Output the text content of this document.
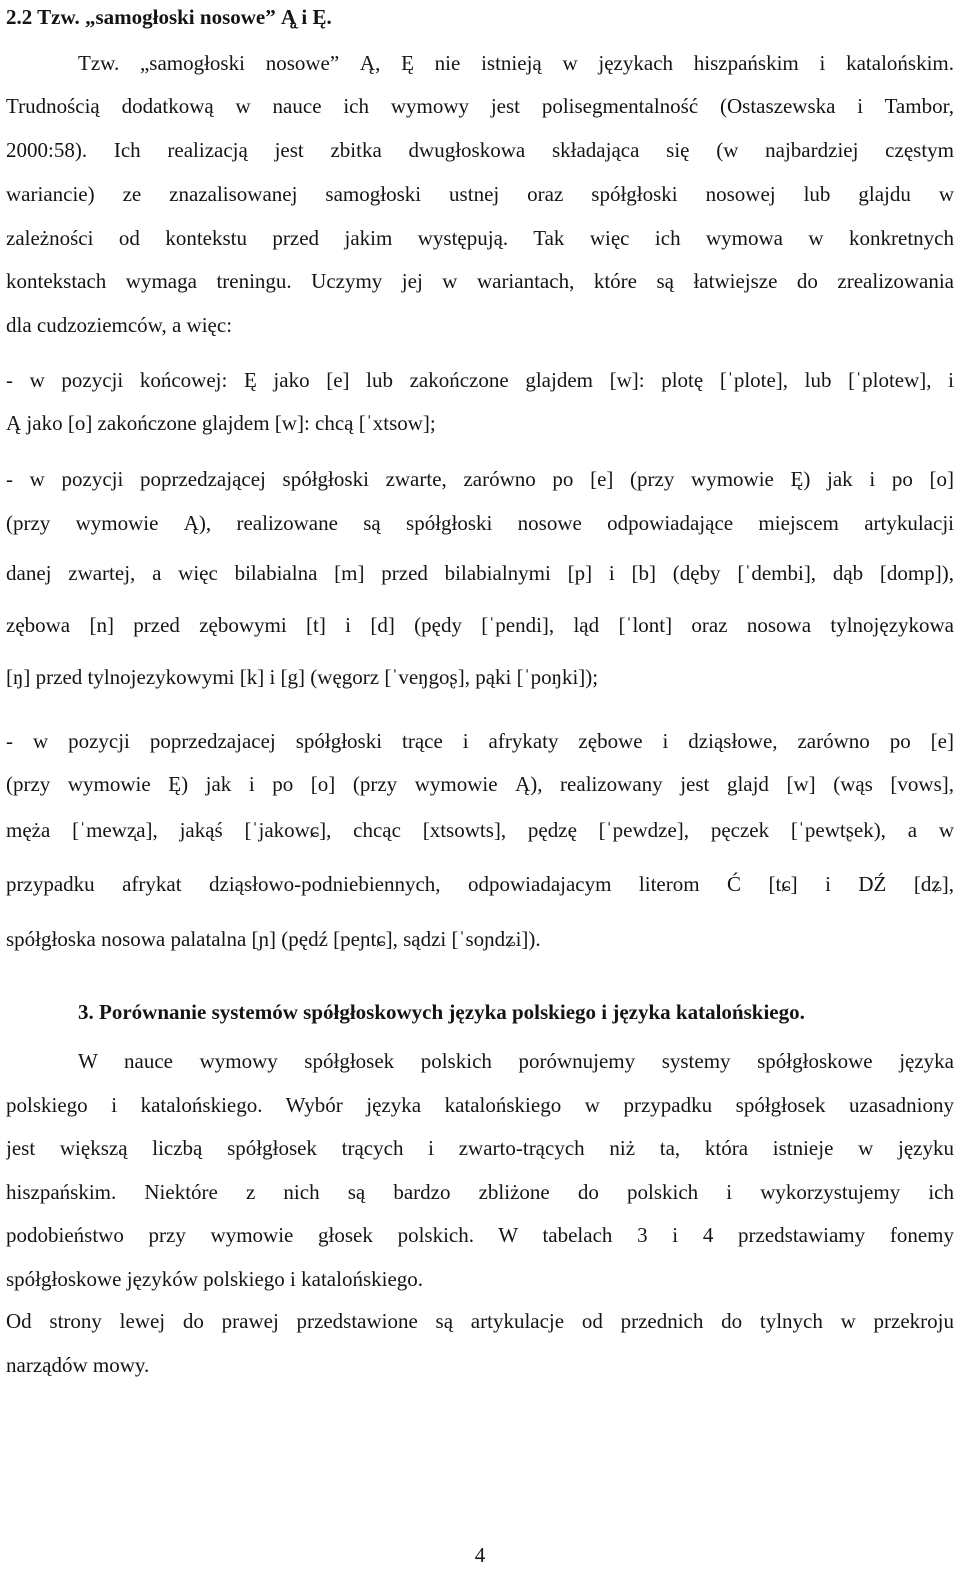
2.2 Tzw. „samogłoski nosowe” Ą̨ i Ę.
Tzw. „samogłoski nosowe” Ą, Ę nie istnieją w językach hiszpańskim i katalońskim.
Trudnością dodatkową w nauce ich wymowy jest polisegmentalność (Ostaszewska i Tambor,
2000:58). Ich realizacją jest zbitka dwugłoskowa składająca się (w najbardziej częstym
wariancie) ze znazalisowanej samogłoski ustnej oraz spółgłoski nosowej lub glajdu w
zależności od kontekstu przed jakim występują. Tak więc ich wymowa w konkretnych
kontekstach wymaga treningu. Uczymy jej w wariantach, które są łatwiejsze do zrealizowania
dla cudzoziemców, a więc:
- w pozycji końcowej: Ę jako [e] lub zakończone glajdem [w]: plotę [ˈplote], lub [ˈplotew], i
Ą jako [o] zakończone glajdem [w]: chcą [ˈxtsow];
- w pozycji poprzedzającej spółgłoski zwarte, zarówno po [e] (przy wymowie Ę) jak i po [o]
(przy wymowie Ą), realizowane są spółgłoski nosowe odpowiadające miejscem artykulacji
danej zwartej, a więc bilabialna [m] przed bilabialnymi [p] i [b] (dęby [ˈdembi], dąb [domp]),
zębowa [n] przed zębowymi [t] i [d] (pędy [ˈpendi], ląd [ˈlont] oraz nosowa tylnojęzykowa
[ŋ] przed tylnojezykowymi [k] i [g] (węgorz [ˈveŋgoʂ], pąki [ˈpoŋki]);
- w pozycji poprzedzajacej spółgłoski trące i afrykaty zębowe i dziąsłowe, zarówno po [e]
(przy wymowie Ę) jak i po [o] (przy wymowie Ą), realizowany jest glajd [w] (wąs [vows],
męża [ˈmewz̨a], jakąś [ˈjakowɕ], chcąc [xtsowts], pędzę [ˈpewdze], pęczek [ˈpewtʂek), a w
przypadku afrykat dziąsłowo-podniebiennych, odpowiadajacym literom Ć [tɕ] i DŹ [dʑ],
spółgłoska nosowa palatalna [ɲ] (pędź [peɲtɕ], sądzi [ˈsoɲdʑi]).
3. Porównanie systemów spółgłoskowych języka polskiego i języka katalońskiego.
W nauce wymowy spółgłosek polskich porównujemy systemy spółgłoskowe języka
polskiego i katalońskiego. Wybór języka katalońskiego w przypadku spółgłosek uzasadniony
jest większą liczbą spółgłosek trących i zwarto-trących niż ta, która istnieje w języku
hiszpańskim. Niektóre z nich są bardzo zbliżone do polskich i wykorzystujemy ich
podobieństwo przy wymowie głosek polskich. W tabelach 3 i 4 przedstawiamy fonemy
spółgłoskowe języków polskiego i katalońskiego.
Od strony lewej do prawej przedstawione są artykulacje od przednich do tylnych w przekroju
narządów mowy.
4
